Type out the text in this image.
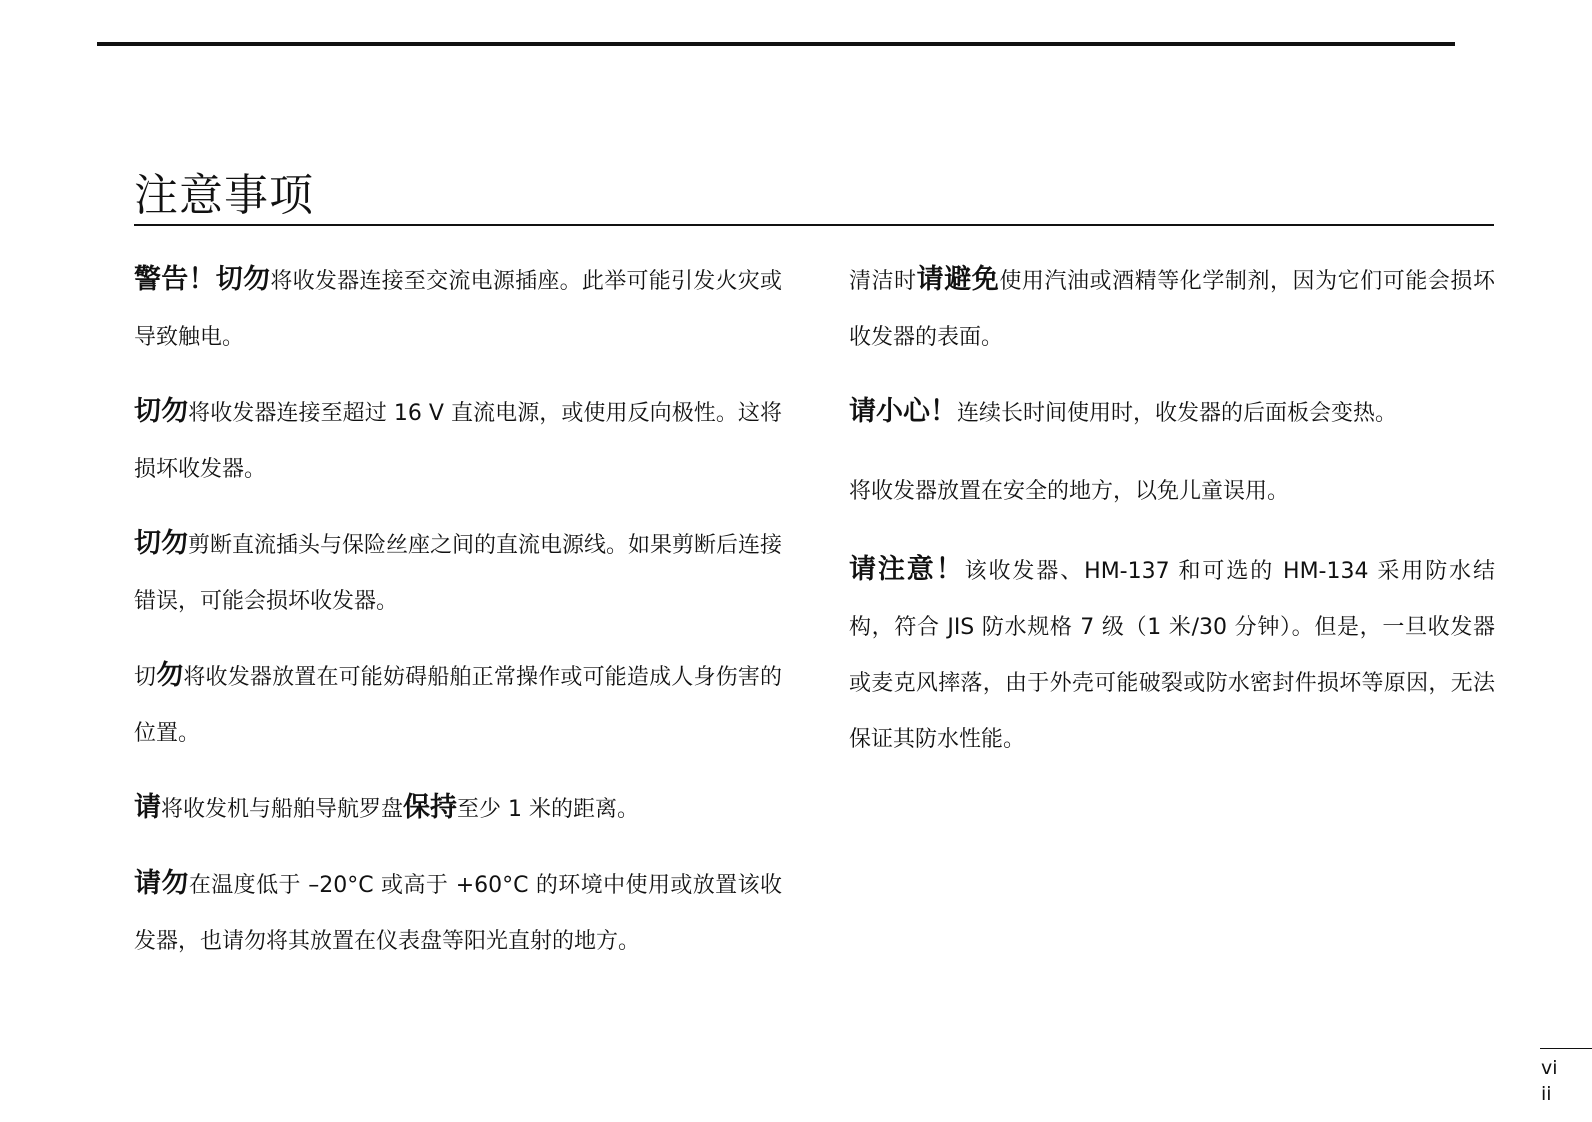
注意事项

警告！切勿将收发器连接至交流电源插座。此举可能引发火灾或导致触电。

切勿将收发器连接至超过 16 V 直流电源，或使用反向极性。这将损坏收发器。

切勿剪断直流插头与保险丝座之间的直流电源线。如果剪断后连接错误，可能会损坏收发器。

切勿将收发器放置在可能妨碍船舶正常操作或可能造成人身伤害的位置。

请将收发机与船舶导航罗盘保持至少 1 米的距离。

请勿在温度低于 –20°C 或高于 +60°C 的环境中使用或放置该收发器，也请勿将其放置在仪表盘等阳光直射的地方。

清洁时请避免使用汽油或酒精等化学制剂，因为它们可能会损坏收发器的表面。

请小心！连续长时间使用时，收发器的后面板会变热。

将收发器放置在安全的地方，以免儿童误用。

请注意！该收发器、HM-137 和可选的 HM-134 采用防水结构，符合 JIS 防水规格 7 级（1 米/30 分钟）。但是，一旦收发器或麦克风摔落，由于外壳可能破裂或防水密封件损坏等原因，无法保证其防水性能。

vi
ii
